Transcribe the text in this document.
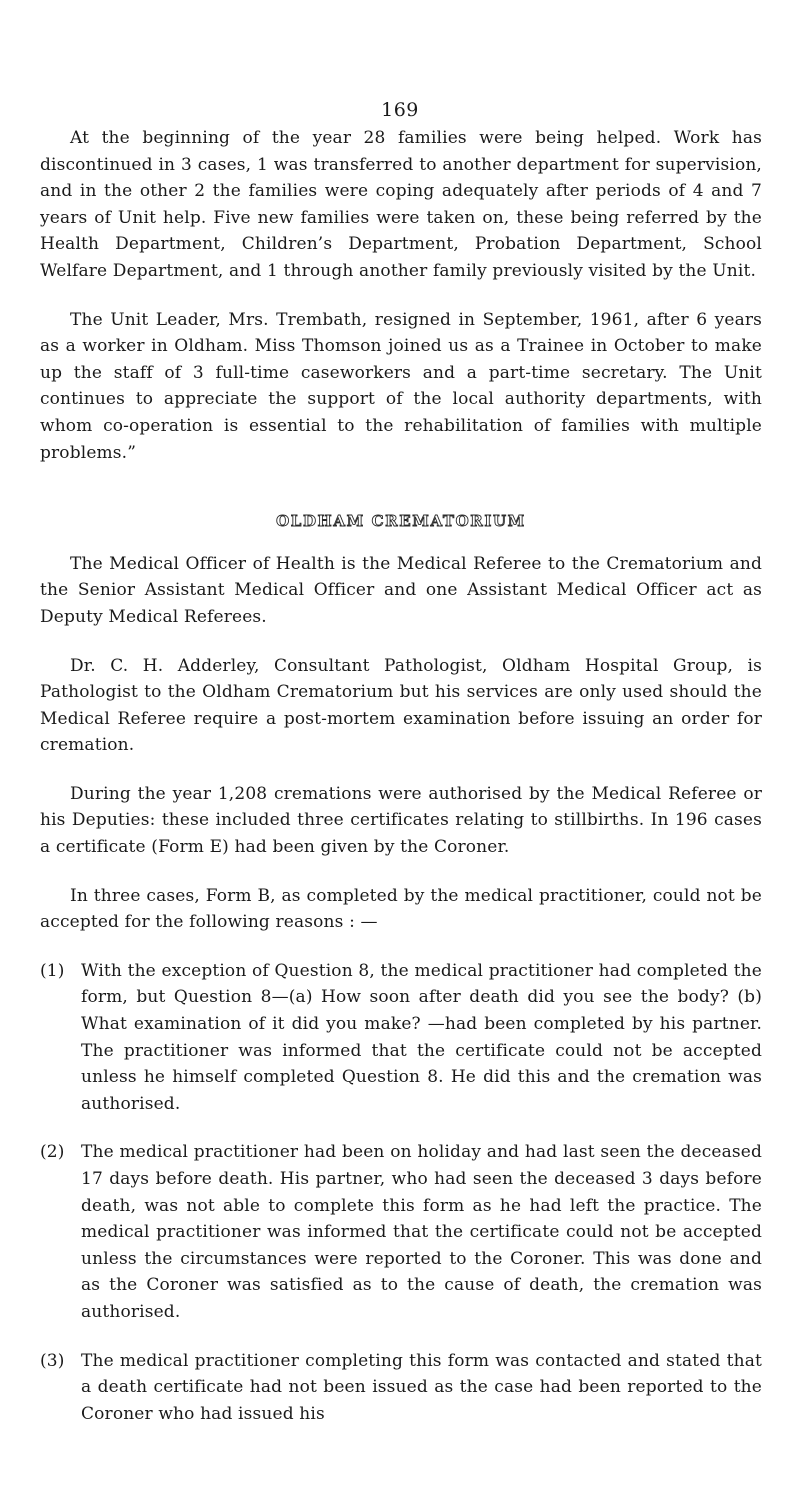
169

At the beginning of the year 28 families were being helped. Work has discontinued in 3 cases, 1 was transferred to another department for supervision, and in the other 2 the families were coping adequately after periods of 4 and 7 years of Unit help. Five new families were taken on, these being referred by the Health Department, Children’s Department, Probation Department, School Welfare Department, and 1 through another family previously visited by the Unit.

The Unit Leader, Mrs. Trembath, resigned in September, 1961, after 6 years as a worker in Oldham. Miss Thomson joined us as a Trainee in October to make up the staff of 3 full-time caseworkers and a part-time secretary. The Unit continues to appreciate the support of the local authority departments, with whom co-operation is essential to the rehabilitation of families with multiple problems.”

OLDHAM CREMATORIUM

The Medical Officer of Health is the Medical Referee to the Crematorium and the Senior Assistant Medical Officer and one Assistant Medical Officer act as Deputy Medical Referees.

Dr. C. H. Adderley, Consultant Pathologist, Oldham Hospital Group, is Pathologist to the Oldham Crematorium but his services are only used should the Medical Referee require a post-mortem examination before issuing an order for cremation.

During the year 1,208 cremations were authorised by the Medical Referee or his Deputies: these included three certificates relating to stillbirths. In 196 cases a certificate (Form E) had been given by the Coroner.

In three cases, Form B, as completed by the medical practitioner, could not be accepted for the following reasons : —

(1) With the exception of Question 8, the medical practitioner had completed the form, but Question 8—(a) How soon after death did you see the body? (b) What examination of it did you make? —had been completed by his partner. The practitioner was informed that the certificate could not be accepted unless he himself completed Question 8. He did this and the cremation was authorised.
(2) The medical practitioner had been on holiday and had last seen the deceased 17 days before death. His partner, who had seen the deceased 3 days before death, was not able to complete this form as he had left the practice. The medical practitioner was informed that the certificate could not be accepted unless the circumstances were reported to the Coroner. This was done and as the Coroner was satisfied as to the cause of death, the cremation was authorised.
(3) The medical practitioner completing this form was contacted and stated that a death certificate had not been issued as the case had been reported to the Coroner who had issued his
